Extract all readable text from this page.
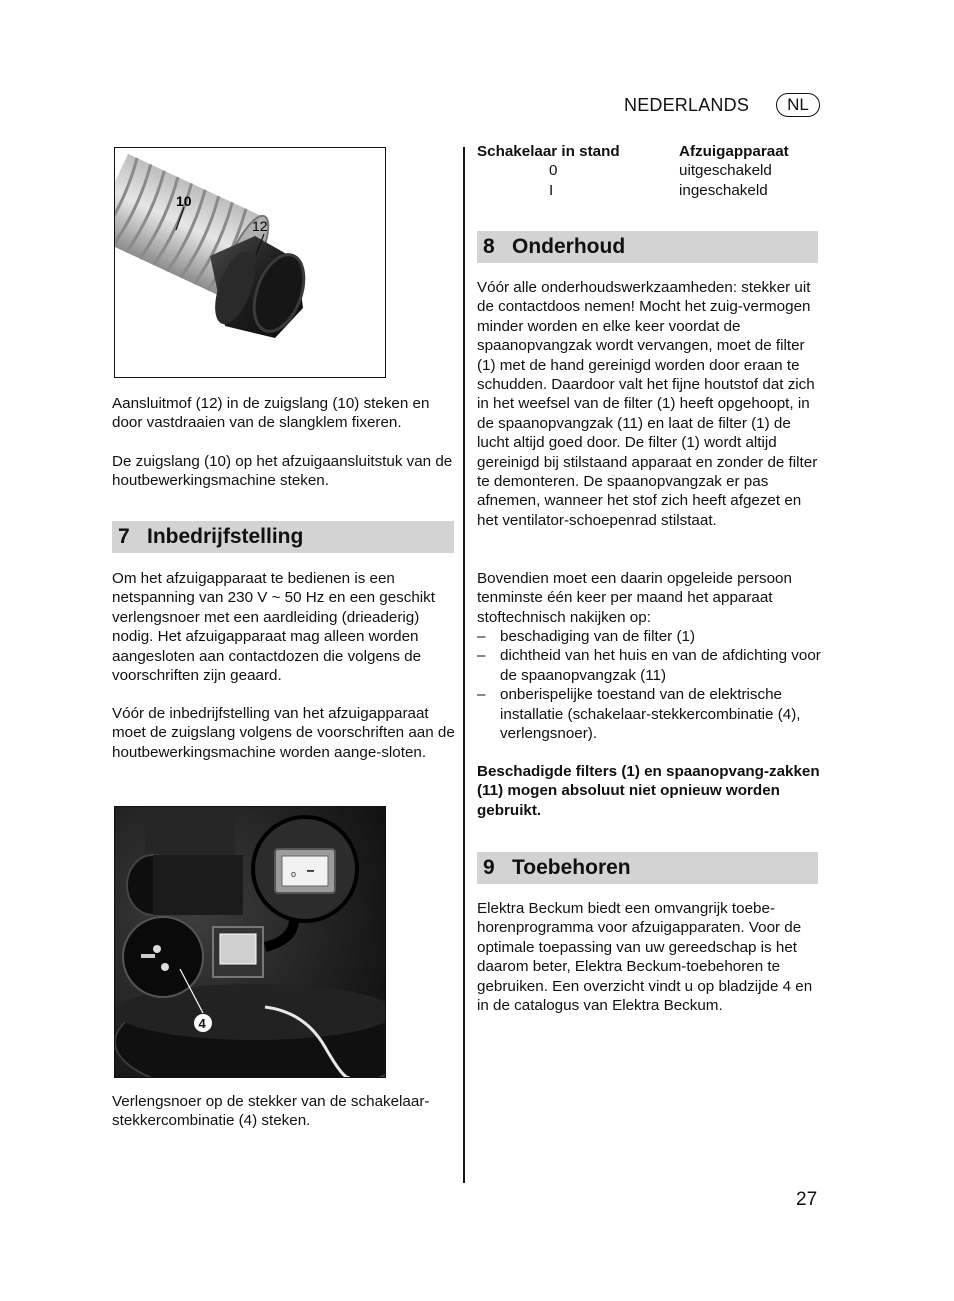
NEDERLANDS	NL
10
12

Aansluitmof (12) in de zuigslang (10) steken en door vastdraaien van de slangklem fixeren.

De zuigslang (10) op het afzuigaansluitstuk van de houtbewerkingsmachine steken.

7 Inbedrijfstelling

Om het afzuigapparaat te bedienen is een netspanning van 230 V ~ 50 Hz en een geschikt verlengsnoer met een aardleiding (drieaderig) nodig. Het afzuigapparaat mag alleen worden aangesloten aan contactdozen die volgens de voorschriften zijn geaard.

Vóór de inbedrijfstelling van het afzuigapparaat moet de zuigslang volgens de voorschriften aan de houtbewerkingsmachine worden aange-sloten.

o
4

Verlengsnoer op de stekker van de schakelaar-stekkercombinatie (4) steken.

Schakelaar in stand	Afzuigapparaat
0	uitgeschakeld
I	ingeschakeld
8 Onderhoud

Vóór alle onderhoudswerkzaamheden: stekker uit de contactdoos nemen! Mocht het zuig-vermogen minder worden en elke keer voordat de spaanopvangzak wordt vervangen, moet de filter (1) met de hand gereinigd worden door eraan te schudden. Daardoor valt het fijne houtstof dat zich in het weefsel van de filter (1) heeft opgehoopt, in de spaanopvangzak (11) en laat de filter (1) de lucht altijd goed door. De filter (1) wordt altijd gereinigd bij stilstaand apparaat en zonder de filter te demonteren. De spaanopvangzak er pas afnemen, wanneer het stof zich heeft afgezet en het ventilator-schoepenrad stilstaat.

Bovendien moet een daarin opgeleide persoon tenminste één keer per maand het apparaat stoftechnisch nakijken op:

– beschadiging van de filter (1)
– dichtheid van het huis en van de afdichting voor de spaanopvangzak (11)
– onberispelijke toestand van de elektrische installatie (schakelaar-stekkercombinatie (4), verlengsnoer).

Beschadigde filters (1) en spaanopvang-zakken (11) mogen absoluut niet opnieuw worden gebruikt.

9 Toebehoren

Elektra Beckum biedt een omvangrijk toebe-horenprogramma voor afzuigapparaten. Voor de optimale toepassing van uw gereedschap is het daarom beter, Elektra Beckum-toebehoren te gebruiken. Een overzicht vindt u op bladzijde 4 en in de catalogus van Elektra Beckum.

27
